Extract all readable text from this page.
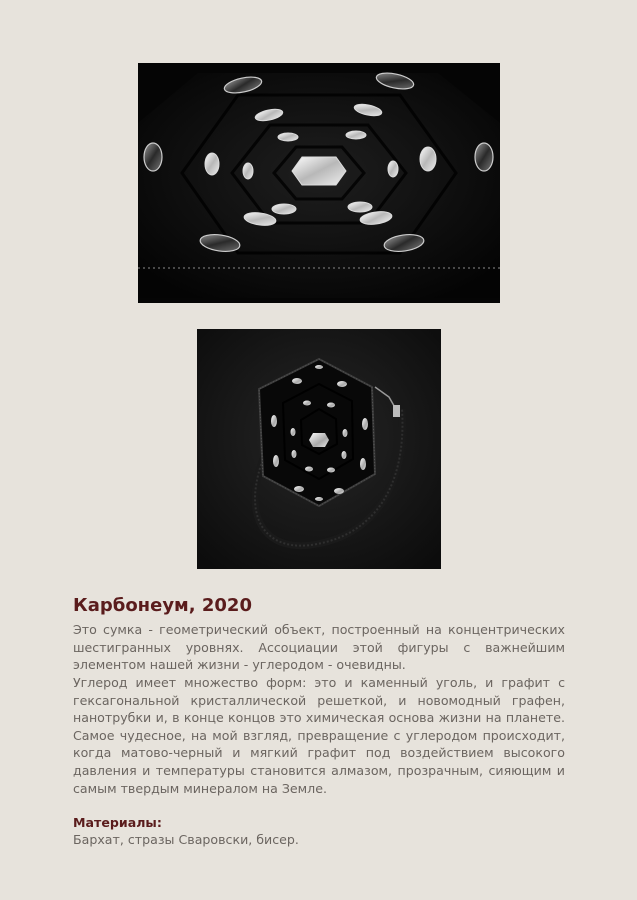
Карбонеум, 2020

Это сумка - геометрический объект, построенный на концентрических шестигранных уровнях. Ассоциации этой фигуры с важнейшим элементом нашей жизни - углеродом - очевидны.

Углерод имеет множество форм: это и каменный уголь, и графит с гексагональной кристаллической решеткой, и новомодный графен, нанотрубки и, в конце концов это химическая основа жизни на планете. Самое чудесное, на мой взгляд, превращение с углеродом происходит, когда матово-черный и мягкий графит под воздействием высокого давления и температуры становится алмазом, прозрачным, сияющим и самым твердым минералом на Земле.

Материалы:

Бархат, стразы Сваровски, бисер.
